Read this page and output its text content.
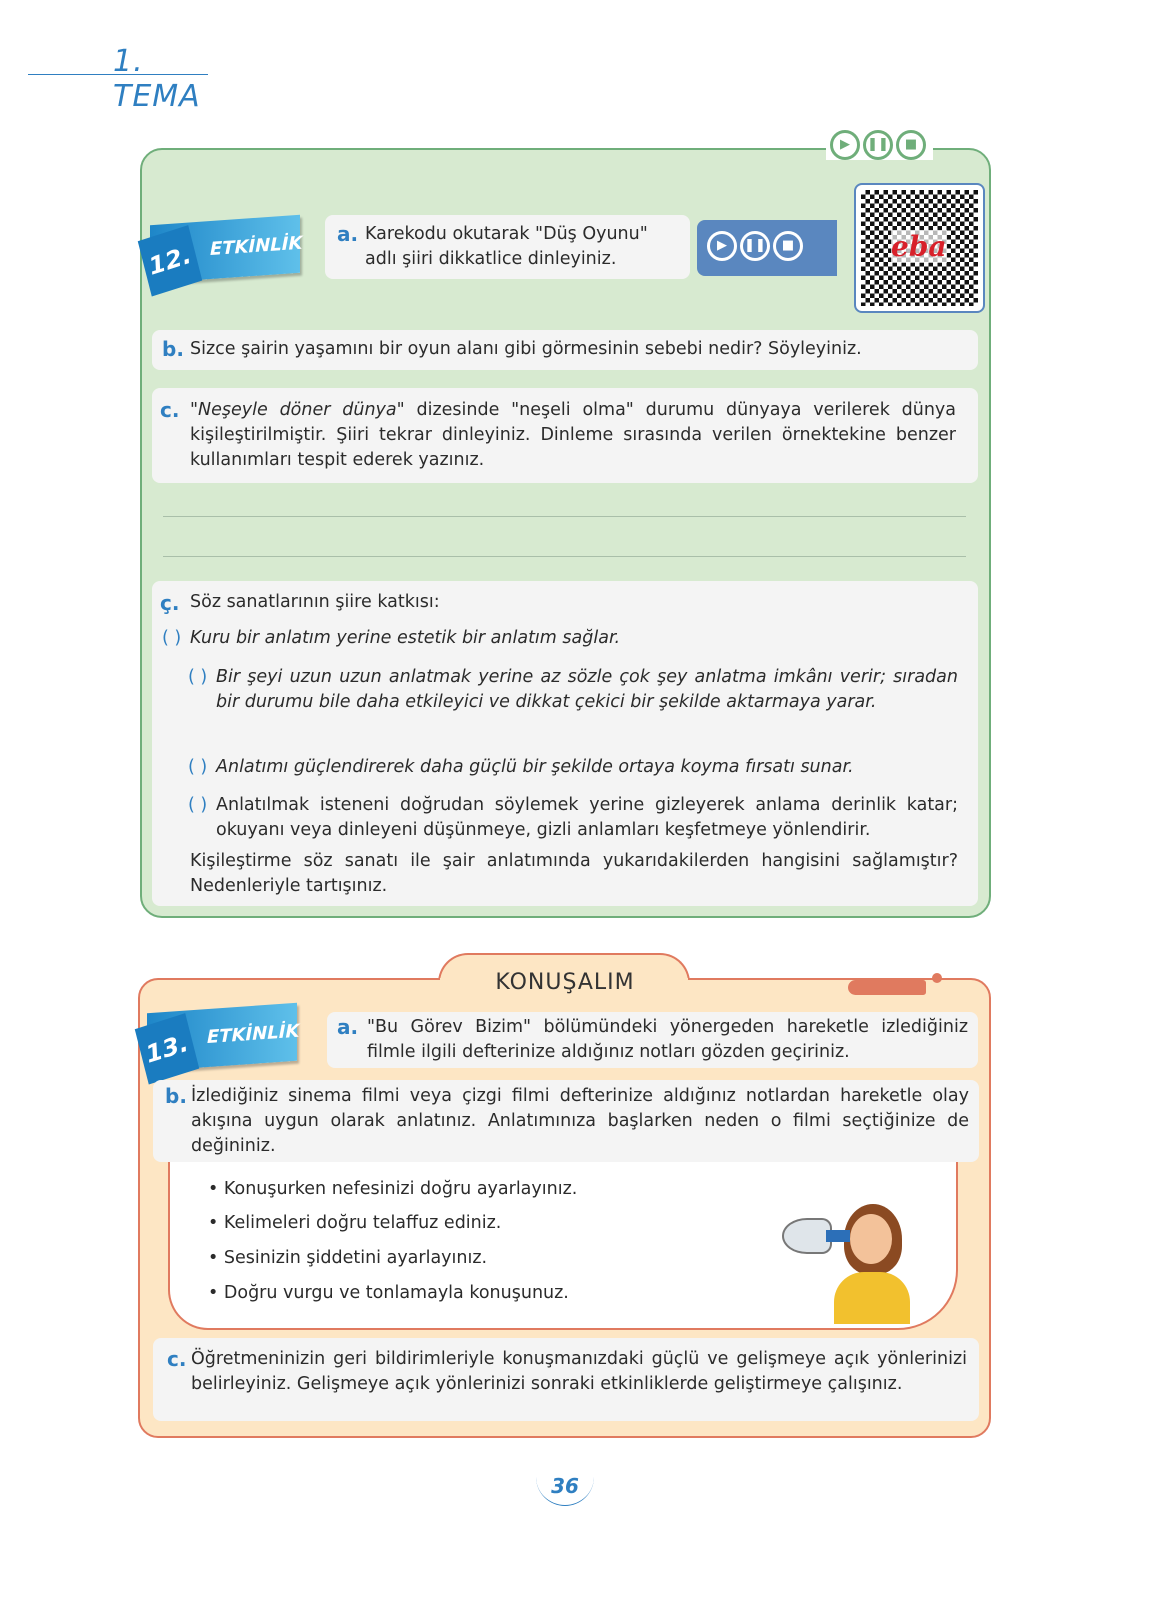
1. TEMA
▶ ❚❚ ■
12. ETKİNLİK a. Karekodu okutarak "Düş Oyunu" adlı şiiri dikkatlice dinleyiniz.
▶ ❚❚ ■	eba
b. Sizce şairin yaşamını bir oyun alanı gibi görmesinin sebebi nedir? Söyleyiniz.
c. "Neşeyle döner dünya" dizesinde "neşeli olma" durumu dünyaya verilerek dünya kişileştirilmiştir. Şiiri tekrar dinleyiniz. Dinleme sırasında verilen örnektekine benzer kullanımları tespit ederek yazınız.
ç. Söz sanatlarının şiire katkısı:
( ) Kuru bir anlatım yerine estetik bir anlatım sağlar.
( ) Bir şeyi uzun uzun anlatmak yerine az sözle çok şey anlatma imkânı verir; sıradan bir durumu bile daha etkileyici ve dikkat çekici bir şekilde aktarmaya yarar.
( ) Anlatımı güçlendirerek daha güçlü bir şekilde ortaya koyma fırsatı sunar.
( ) Anlatılmak isteneni doğrudan söylemek yerine gizleyerek anlama derinlik katar; okuyanı veya dinleyeni düşünmeye, gizli anlamları keşfetmeye yönlendirir.
Kişileştirme söz sanatı ile şair anlatımında yukarıdakilerden hangisini sağlamıştır? Nedenleriyle tartışınız.
KONUŞALIM
13. ETKİNLİK a. "Bu Görev Bizim" bölümündeki yönergeden hareketle izlediğiniz filmle ilgili defterinize aldığınız notları gözden geçiriniz.
b. İzlediğiniz sinema filmi veya çizgi filmi defterinize aldığınız notlardan hareketle olay akışına uygun olarak anlatınız. Anlatımınıza başlarken neden o filmi seçtiğinize de değininiz.
• Konuşurken nefesinizi doğru ayarlayınız.
• Kelimeleri doğru telaffuz ediniz.
• Sesinizin şiddetini ayarlayınız.
• Doğru vurgu ve tonlamayla konuşunuz.
c. Öğretmeninizin geri bildirimleriyle konuşmanızdaki güçlü ve gelişmeye açık yönlerinizi belirleyiniz. Gelişmeye açık yönlerinizi sonraki etkinliklerde geliştirmeye çalışınız.
36
